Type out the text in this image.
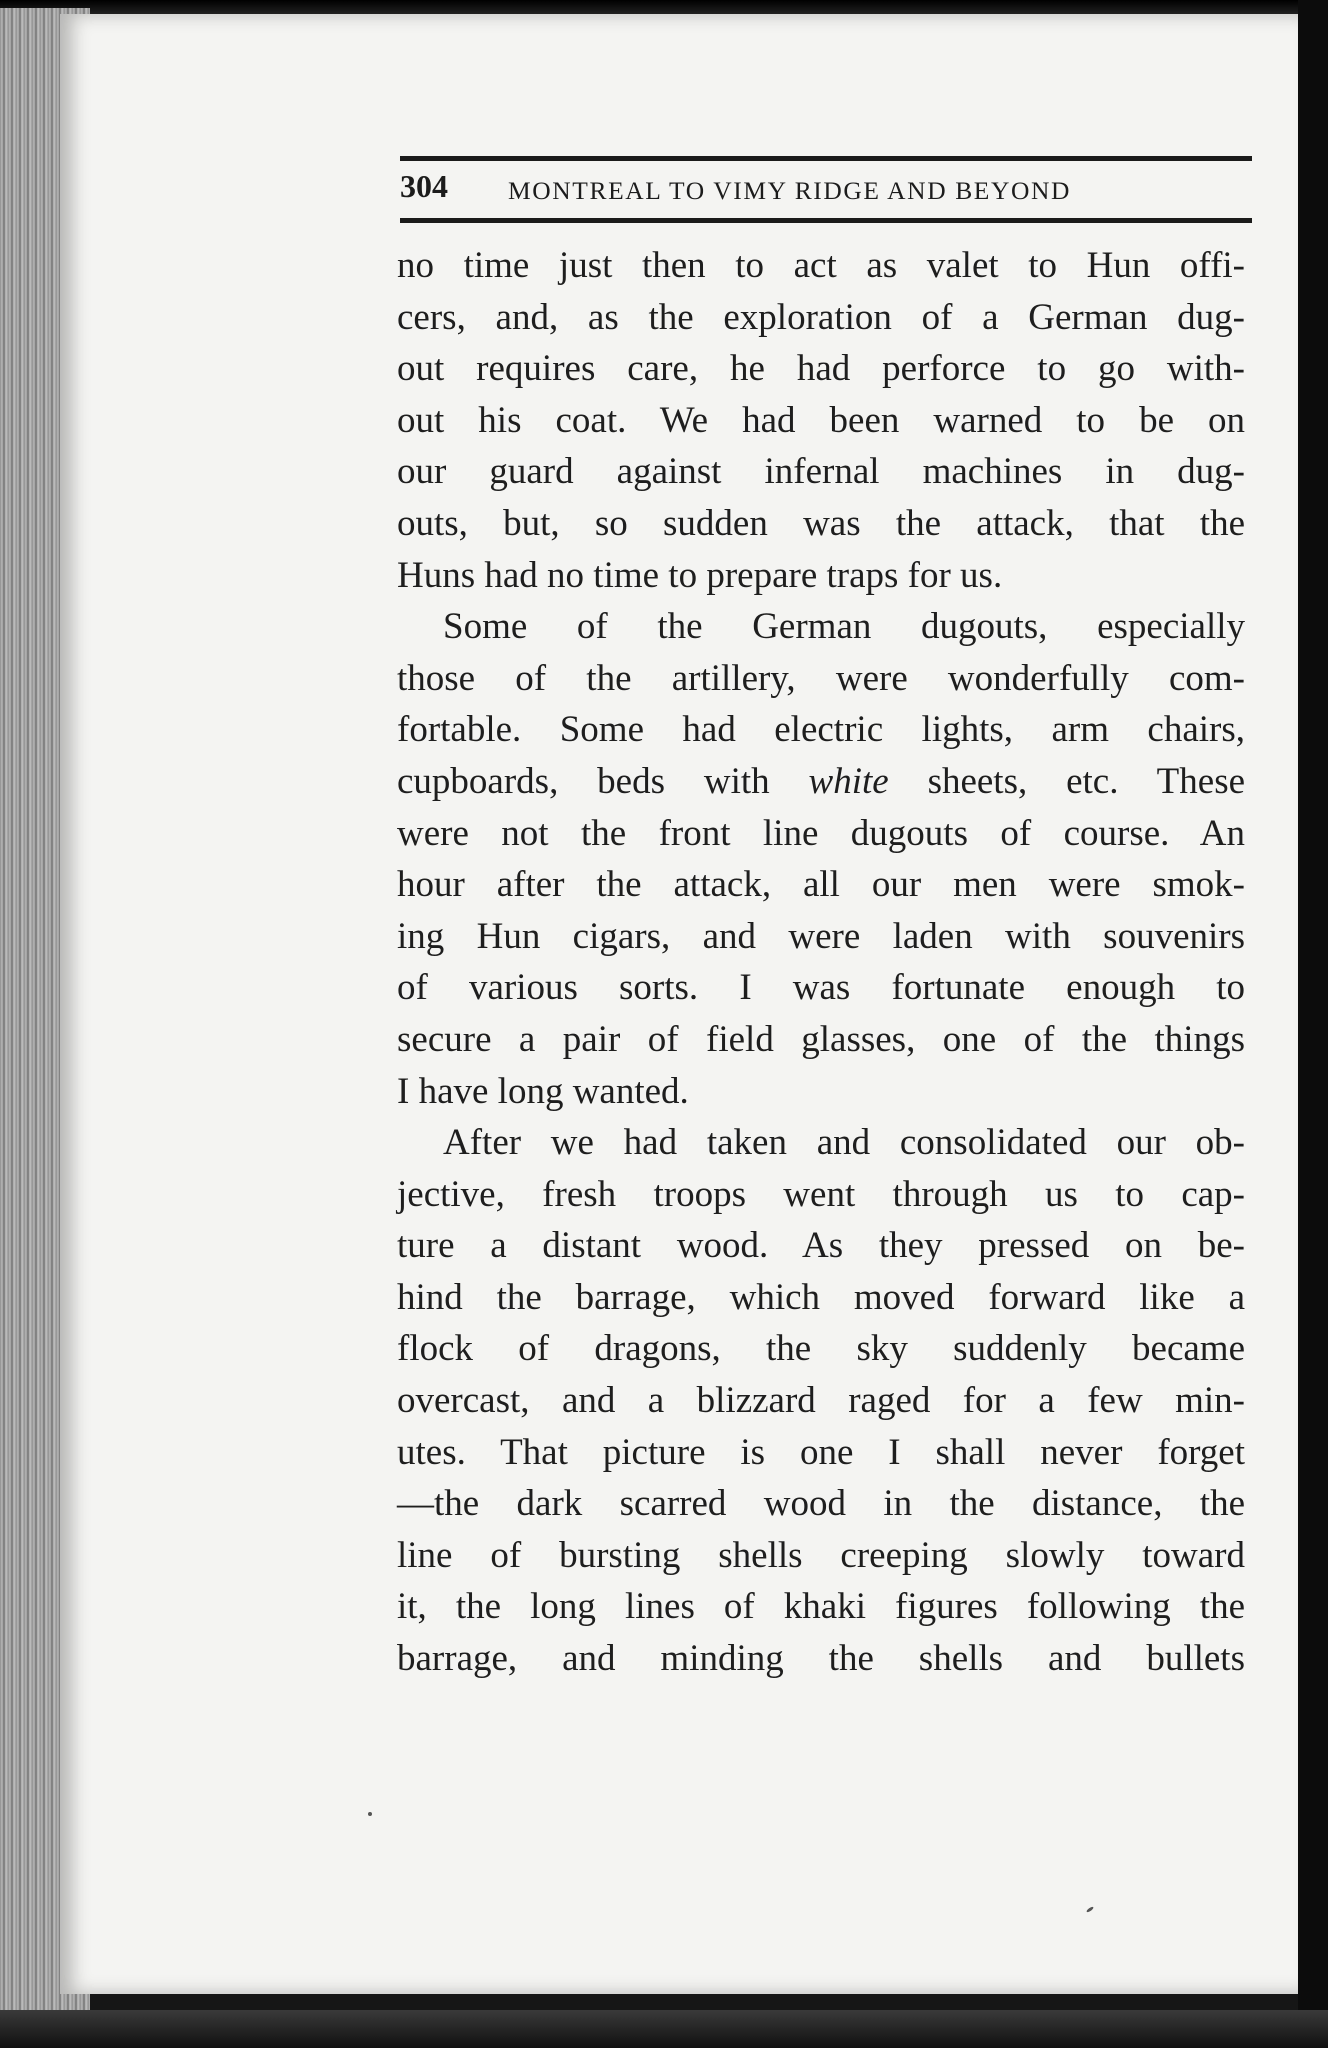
304 MONTREAL TO VIMY RIDGE AND BEYOND
no time just then to act as valet to Hun offi-
cers, and, as the exploration of a German dug-
out requires care, he had perforce to go with-
out his coat. We had been warned to be on
our guard against infernal machines in dug-
outs, but, so sudden was the attack, that the
Huns had no time to prepare traps for us.
Some of the German dugouts, especially
those of the artillery, were wonderfully com-
fortable. Some had electric lights, arm chairs,
cupboards, beds with white sheets, etc. These
were not the front line dugouts of course. An
hour after the attack, all our men were smok-
ing Hun cigars, and were laden with souvenirs
of various sorts. I was fortunate enough to
secure a pair of field glasses, one of the things
I have long wanted.
After we had taken and consolidated our ob-
jective, fresh troops went through us to cap-
ture a distant wood. As they pressed on be-
hind the barrage, which moved forward like a
flock of dragons, the sky suddenly became
overcast, and a blizzard raged for a few min-
utes. That picture is one I shall never forget
—the dark scarred wood in the distance, the
line of bursting shells creeping slowly toward
it, the long lines of khaki figures following the
barrage, and minding the shells and bullets
